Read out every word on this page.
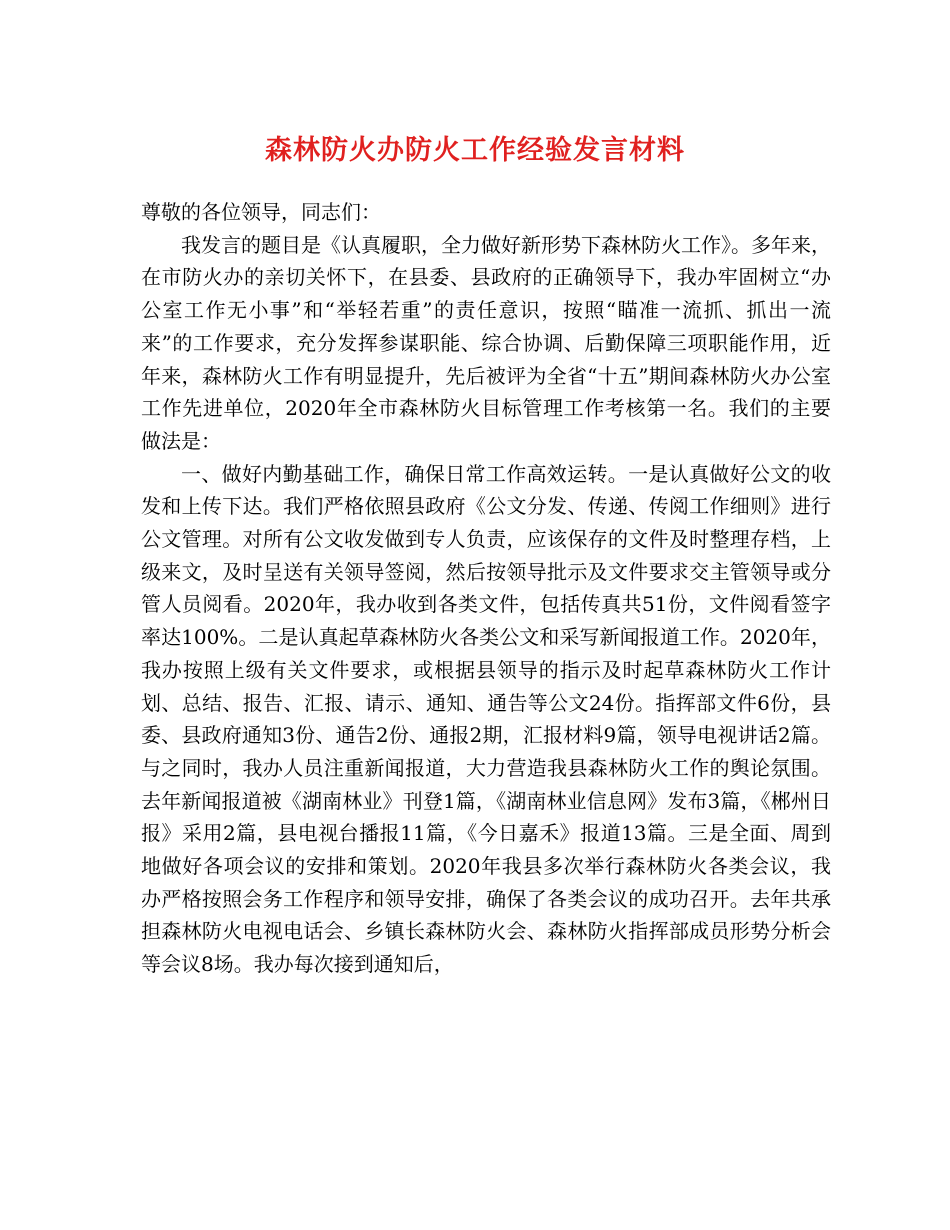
森林防火办防火工作经验发言材料

尊敬的各位领导，同志们：

我发言的题目是《认真履职，全力做好新形势下森林防火工作》。多年来，在市防火办的亲切关怀下，在县委、县政府的正确领导下，我办牢固树立“办公室工作无小事”和“举轻若重”的责任意识，按照“瞄准一流抓、抓出一流来”的工作要求，充分发挥参谋职能、综合协调、后勤保障三项职能作用，近年来，森林防火工作有明显提升，先后被评为全省“十五”期间森林防火办公室工作先进单位，2020年全市森林防火目标管理工作考核第一名。我们的主要做法是：

一、做好内勤基础工作，确保日常工作高效运转。一是认真做好公文的收发和上传下达。我们严格依照县政府《公文分发、传递、传阅工作细则》进行公文管理。对所有公文收发做到专人负责，应该保存的文件及时整理存档，上级来文，及时呈送有关领导签阅，然后按领导批示及文件要求交主管领导或分管人员阅看。2020年，我办收到各类文件，包括传真共51份，文件阅看签字率达100%。二是认真起草森林防火各类公文和采写新闻报道工作。2020年，我办按照上级有关文件要求，或根据县领导的指示及时起草森林防火工作计划、总结、报告、汇报、请示、通知、通告等公文24份。指挥部文件6份，县委、县政府通知3份、通告2份、通报2期，汇报材料9篇，领导电视讲话2篇。与之同时，我办人员注重新闻报道，大力营造我县森林防火工作的舆论氛围。去年新闻报道被《湖南林业》刊登1篇，《湖南林业信息网》发布3篇，《郴州日报》采用2篇，县电视台播报11篇，《今日嘉禾》报道13篇。三是全面、周到地做好各项会议的安排和策划。2020年我县多次举行森林防火各类会议，我办严格按照会务工作程序和领导安排，确保了各类会议的成功召开。去年共承担森林防火电视电话会、乡镇长森林防火会、森林防火指挥部成员形势分析会等会议8场。我办每次接到通知后，
